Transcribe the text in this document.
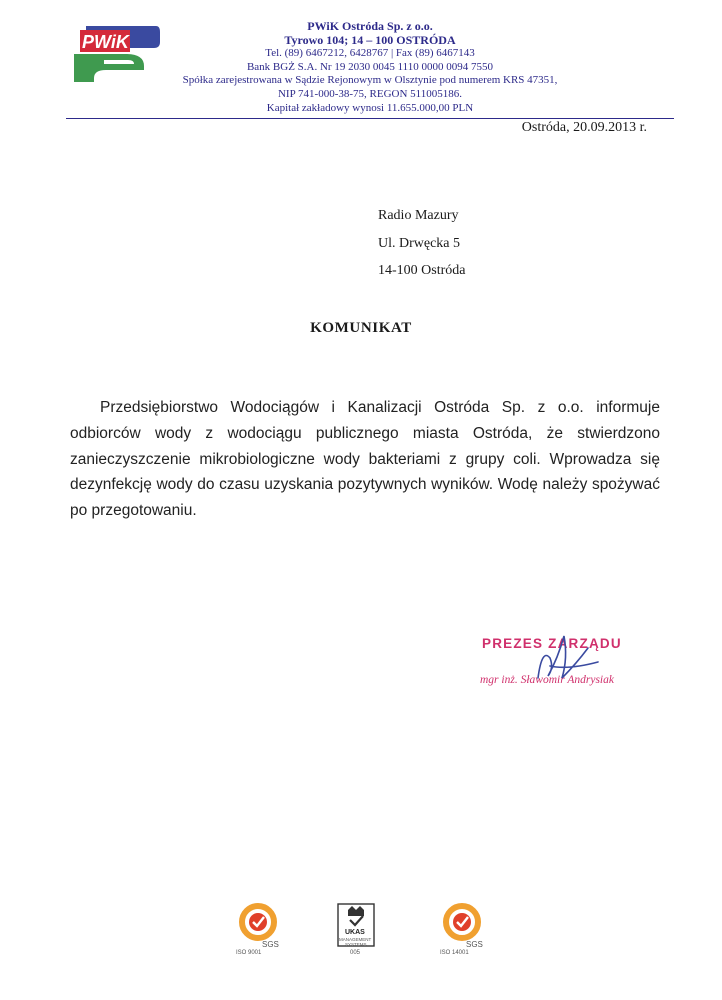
PWiK
PWiK Ostróda Sp. z o.o.
Tyrowo 104; 14 – 100 OSTRÓDA
Tel. (89) 6467212, 6428767 | Fax (89) 6467143
Bank BGŻ S.A. Nr 19 2030 0045 1110 0000 0094 7550
Spółka zarejestrowana w Sądzie Rejonowym w Olsztynie pod numerem KRS 47351,
NIP 741-000-38-75, REGON 511005186.
Kapitał zakładowy wynosi 11.655.000,00 PLN
Ostróda, 20.09.2013 r.
Radio Mazury
Ul. Drwęcka 5
14-100 Ostróda
KOMUNIKAT
Przedsiębiorstwo Wodociągów i Kanalizacji Ostróda Sp. z o.o. informuje odbiorców wody z wodociągu publicznego miasta Ostróda, że stwierdzono zanieczyszczenie mikrobiologiczne wody bakteriami z grupy coli. Wprowadza się dezynfekcję wody do czasu uzyskania pozytywnych wyników. Wodę należy spożywać po przegotowaniu.
PREZES ZARZĄDU
mgr inż. Sławomir Andrysiak
SGS
ISO 9001
UKAS
MANAGEMENT
SYSTEMS
005
SGS
ISO 14001
